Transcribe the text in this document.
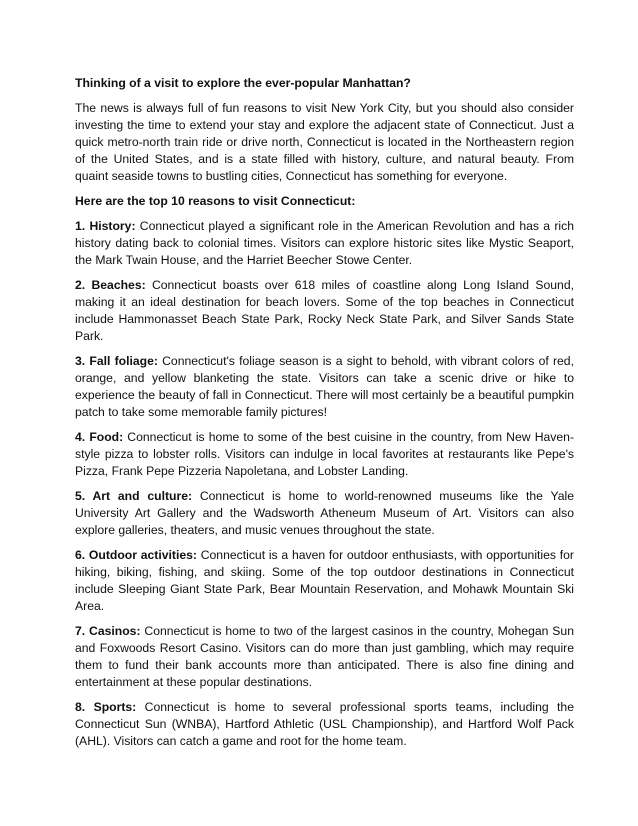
Thinking of a visit to explore the ever-popular Manhattan?

The news is always full of fun reasons to visit New York City, but you should also consider investing the time to extend your stay and explore the adjacent state of Connecticut. Just a quick metro-north train ride or drive north, Connecticut is located in the Northeastern region of the United States, and is a state filled with history, culture, and natural beauty. From quaint seaside towns to bustling cities, Connecticut has something for everyone.

Here are the top 10 reasons to visit Connecticut:

1. History: Connecticut played a significant role in the American Revolution and has a rich history dating back to colonial times. Visitors can explore historic sites like Mystic Seaport, the Mark Twain House, and the Harriet Beecher Stowe Center.

2. Beaches: Connecticut boasts over 618 miles of coastline along Long Island Sound, making it an ideal destination for beach lovers. Some of the top beaches in Connecticut include Hammonasset Beach State Park, Rocky Neck State Park, and Silver Sands State Park.

3. Fall foliage: Connecticut's foliage season is a sight to behold, with vibrant colors of red, orange, and yellow blanketing the state. Visitors can take a scenic drive or hike to experience the beauty of fall in Connecticut. There will most certainly be a beautiful pumpkin patch to take some memorable family pictures!

4. Food: Connecticut is home to some of the best cuisine in the country, from New Haven-style pizza to lobster rolls. Visitors can indulge in local favorites at restaurants like Pepe's Pizza, Frank Pepe Pizzeria Napoletana, and Lobster Landing.

5. Art and culture: Connecticut is home to world-renowned museums like the Yale University Art Gallery and the Wadsworth Atheneum Museum of Art. Visitors can also explore galleries, theaters, and music venues throughout the state.

6. Outdoor activities: Connecticut is a haven for outdoor enthusiasts, with opportunities for hiking, biking, fishing, and skiing. Some of the top outdoor destinations in Connecticut include Sleeping Giant State Park, Bear Mountain Reservation, and Mohawk Mountain Ski Area.

7. Casinos: Connecticut is home to two of the largest casinos in the country, Mohegan Sun and Foxwoods Resort Casino. Visitors can do more than just gambling, which may require them to fund their bank accounts more than anticipated. There is also fine dining and entertainment at these popular destinations.

8. Sports: Connecticut is home to several professional sports teams, including the Connecticut Sun (WNBA), Hartford Athletic (USL Championship), and Hartford Wolf Pack (AHL). Visitors can catch a game and root for the home team.
